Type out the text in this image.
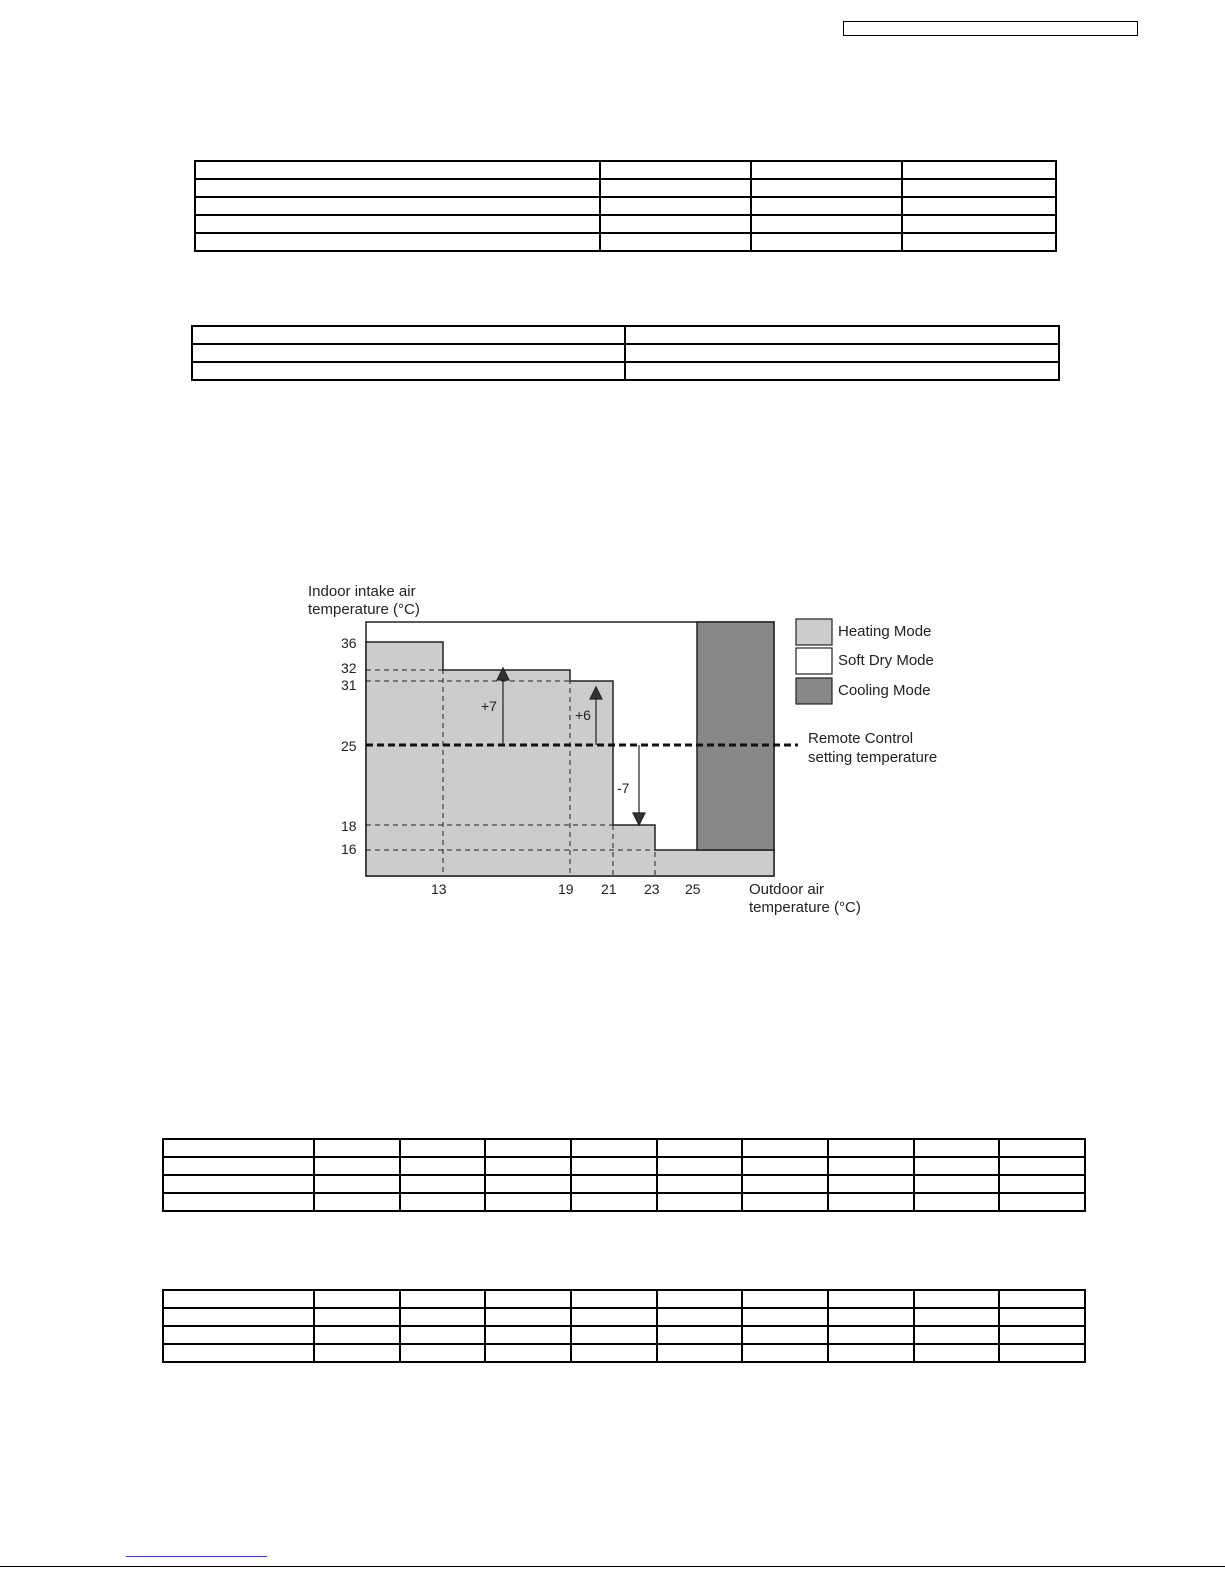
Indoor intake air
temperature (°C)
+7
+6
-7
36
32
31
25
18
16
13	19 21 23 25	Outdoor air
temperature (°C)
Heating Mode
Soft Dry Mode
Cooling Mode
Remote Control
setting temperature
